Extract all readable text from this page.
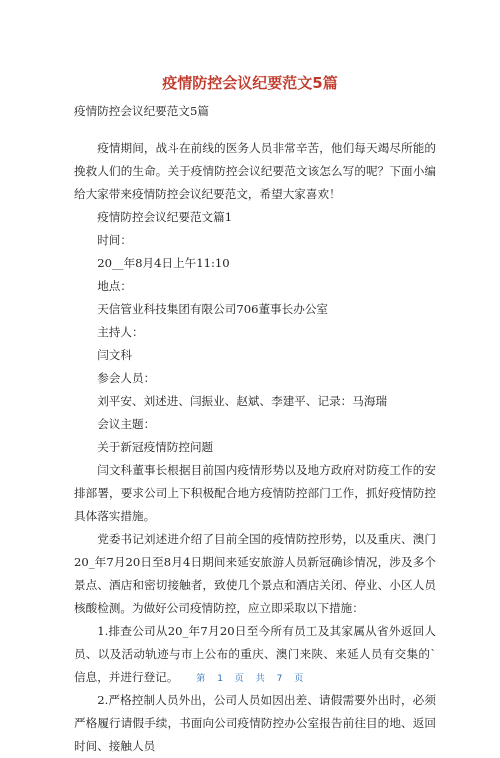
疫情防控会议纪要范文5篇

疫情防控会议纪要范文5篇

疫情期间，战斗在前线的医务人员非常辛苦，他们每天竭尽所能的挽救人们的生命。关于疫情防控会议纪要范文该怎么写的呢？下面小编给大家带来疫情防控会议纪要范文，希望大家喜欢！

疫情防控会议纪要范文篇1

时间：

20__年8月4日上午11:10

地点：

天信管业科技集团有限公司706董事长办公室

主持人：

闫文科

参会人员：

刘平安、刘述进、闫振业、赵斌、李建平、记录：马海瑞

会议主题：

关于新冠疫情防控问题

闫文科董事长根据目前国内疫情形势以及地方政府对防疫工作的安排部署，要求公司上下积极配合地方疫情防控部门工作，抓好疫情防控具体落实措施。

党委书记刘述进介绍了目前全国的疫情防控形势，以及重庆、澳门20_年7月20日至8月4日期间来延安旅游人员新冠确诊情况，涉及多个景点、酒店和密切接触者，致使几个景点和酒店关闭、停业、小区人员核酸检测。为做好公司疫情防控，应立即采取以下措施：

1.排查公司从20_年7月20日至今所有员工及其家属从省外返回人员、以及活动轨迹与市上公布的重庆、澳门来陕、来延人员有交集的`信息，并进行登记。

2.严格控制人员外出，公司人员如因出差、请假需要外出时，必须严格履行请假手续，书面向公司疫情防控办公室报告前往目的地、返回时间、接触人员

第 1 页 共 7 页
